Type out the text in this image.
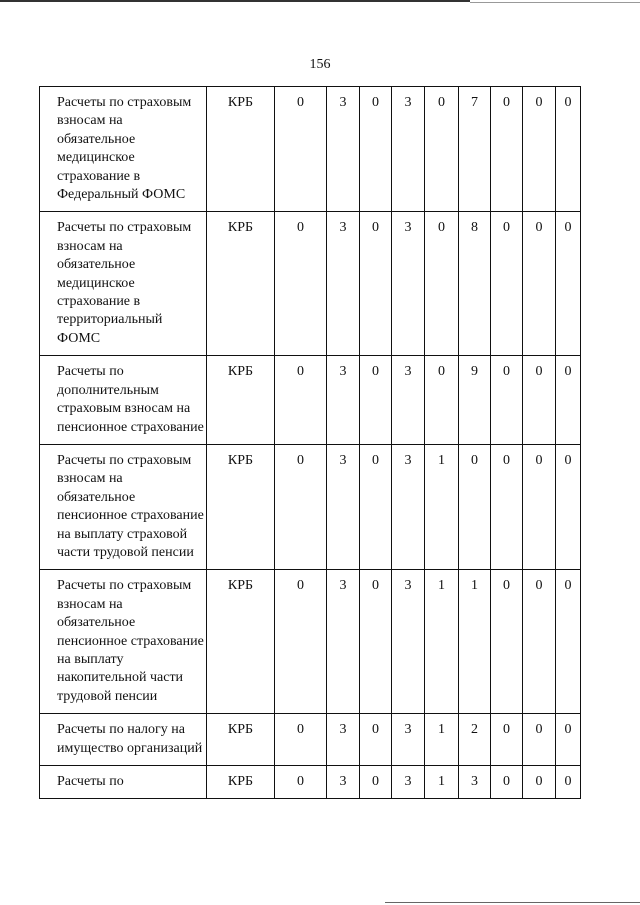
156
Расчеты по страховым взносам на обязательное медицинское страхование в Федеральный ФОМС	КРБ	0	3	0	3	0	7	0	0	0
Расчеты по страховым взносам на обязательное медицинское страхование в территориальный ФОМС	КРБ	0	3	0	3	0	8	0	0	0
Расчеты по дополнительным страховым взносам на пенсионное страхование	КРБ	0	3	0	3	0	9	0	0	0
Расчеты по страховым взносам на обязательное пенсионное страхование на выплату страховой части трудовой пенсии	КРБ	0	3	0	3	1	0	0	0	0
Расчеты по страховым взносам на обязательное пенсионное страхование на выплату накопительной части трудовой пенсии	КРБ	0	3	0	3	1	1	0	0	0
Расчеты по налогу на имущество организаций	КРБ	0	3	0	3	1	2	0	0	0
Расчеты по	КРБ	0	3	0	3	1	3	0	0	0
